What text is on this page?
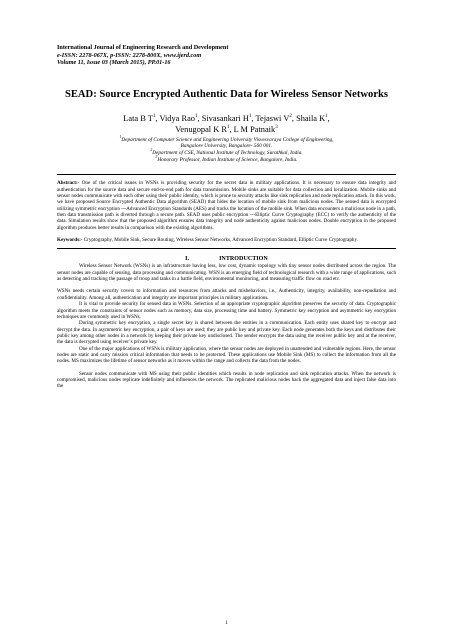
International Journal of Engineering Research and Development
e-ISSN: 2278-067X, p-ISSN: 2278-800X, www.ijerd.com
Volume 11, Issue 03 (March 2015), PP.01-16
SEAD: Source Encrypted Authentic Data for Wireless Sensor Networks
Lata B $T^1$, Vidya Rao$^1$, Sivasankari $H^1$, Tejaswi $V^2$, Shaila $K^1$,
Venugopal K $R^1$, L M Patnaik$^3$
$^1$Department of Computer Science and Engineering University Visvesvaraya College of Engineering,
Bangalore University, Bangalore- 560 001.
$^2$Department of CSE, National Institute of Technology, Surathkal, India.
$^3$Honorary Professor, Indian Institute of Science, Bangalore, India.
Abstract:- One of the critical issues in WSNs is providing security for the secret data in military applications. It is necessary to ensure data integrity and authentication for the source data and secure end-to-end path for data transmission. Mobile sinks are suitable for data collection and localization. Mobile sinks and sensor nodes communicate with each other using their public identity, which is prone to security attacks like sink replication and node replication attack. In this work, we have proposed Source Encrypted Authentic Data algorithm (SEAD) that hides the location of mobile sink from malicious nodes. The sensed data is encrypted utilizing symmetric encryption ---Advanced Encryption Standards (AES) and tracks the location of the mobile sink. When data encounters a malicious node in a path, then data transmission path is diverted through a secure path. SEAD uses public encryption ---Elliptic Curve Cryptography (ECC) to verify the authenticity of the data. Simulation results show that the proposed algorithm ensures data integrity and node authenticity against malicious nodes. Double encryption in the proposed algorithm produces better results in comparison with the existing algorithms.
Keywords:- Cryptography, Mobile Sink, Secure Routing, Wireless Sensor Networks, Advanced Encryption Standard, Elliptic Curve Cryptography.
I.	INTRODUCTION

Wireless Sensor Network (WSNs) is an infrastructure having less, low cost, dynamic topology with tiny sensor nodes distributed across the region. The sensor nodes are capable of sensing, data processing and communicating. WSN is an emerging field of technological research with a wide range of applications, such as detecting and tracking the passage of troop and tanks in a battle field, environmental monitoring, and measuring traffic flow on road etc.

WSNs needs certain security covers to information and resources from attacks and misbehaviors, i.e., Authenticity, integrity, availability, non-repudiation and confidentiality. Among all, authentication and integrity are important principles in military applications.

It is vital to provide security for sensed data in WSNs. Selection of an appropriate cryptographic algorithm preserves the security of data. Cryptographic algorithm meets the constraints of sensor nodes such as memory, data size, processing time and battery. Symmetric key encryption and asymmetric key encryption techniques are commonly used in WSNs.

During symmetric key encryption, a single secret key is shared between the entities in a communication. Each entity uses shared key to encrypt and decrypt the data. In asymmetric key encryption, a pair of keys are used; they are public key and private key. Each node generates both the keys and distributes their public key among other nodes in a network by keeping their private key undisclosed. The sender encrypts the data using the receiver public key and at the receiver, the data is decrypted using receiver’s private key.

One of the major applications of WSNs is military application, where the sensor nodes are deployed in unattended and vulnerable regions. Here, the sensor nodes are static and carry mission critical information that needs to be protected. These applications use Mobile Sink (MS) to collect the information from all the nodes. MS maximizes the lifetime of sensor networks as it moves within the range and collects the data from the nodes.

Sensor nodes communicate with MS using their public identities which results in node replication and sink replication attacks. When the network is compromised, malicious nodes replicate indefinitely and influences the network. The replicated malicious nodes hack the aggregated data and inject false data into the

1
